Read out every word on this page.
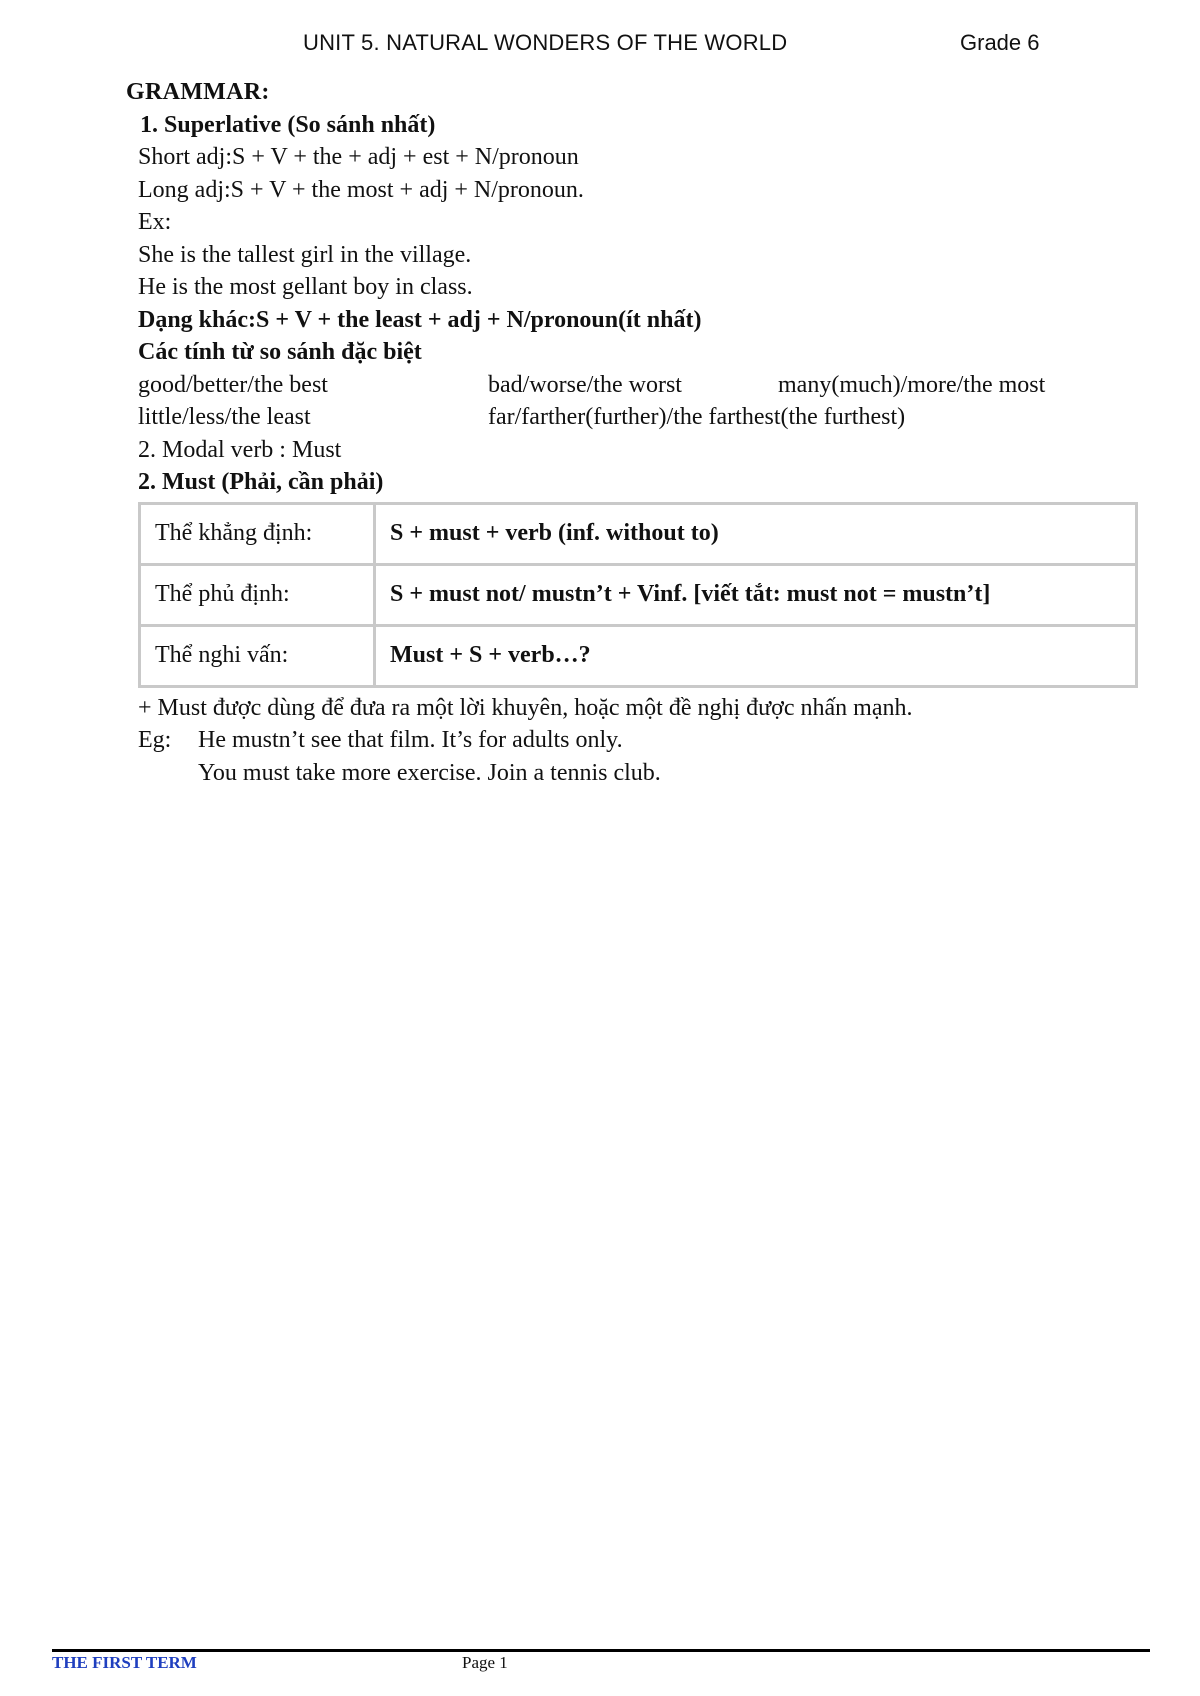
UNIT 5. NATURAL WONDERS OF THE WORLD	Grade 6
GRAMMAR:
1. Superlative (So sánh nhất)
Short adj:S + V + the + adj + est + N/pronoun
Long adj:S + V + the most + adj + N/pronoun.
Ex:
She is the tallest girl in the village.
He is the most gellant boy in class.
Dạng khác:S + V + the least + adj + N/pronoun(ít nhất)
Các tính từ so sánh đặc biệt
good/better/the best	bad/worse/the worst	many(much)/more/the most
little/less/the least	far/farther(further)/the farthest(the furthest)
2. Modal verb : Must
2. Must (Phải, cần phải)
Thể khẳng định:	S + must + verb (inf. without to)
Thể phủ định:	S + must not/ mustn’t + Vinf. [viết tắt: must not = mustn’t]
Thể nghi vấn:	Must + S + verb…?
+ Must được dùng để đưa ra một lời khuyên, hoặc một đề nghị được nhấn mạnh.
Eg: He mustn’t see that film. It’s for adults only.
You must take more exercise. Join a tennis club.
THE FIRST TERM	Page 1
